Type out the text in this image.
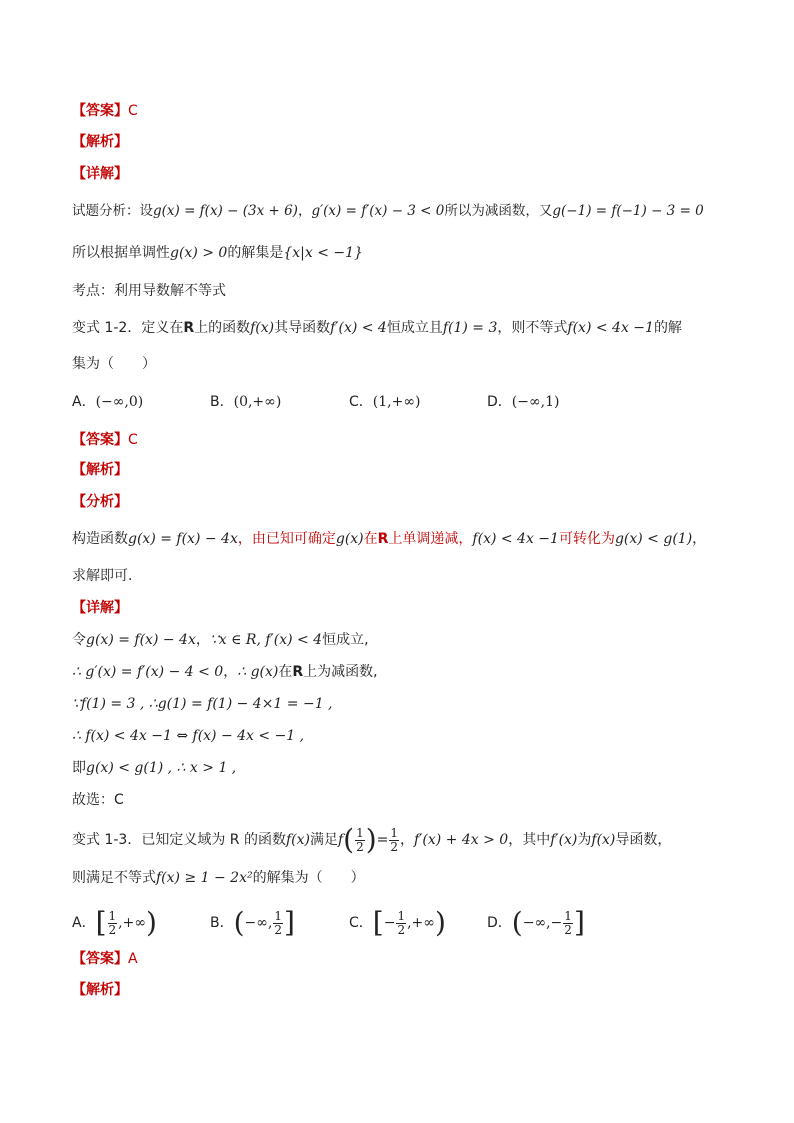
【答案】C
【解析】
【详解】
试题分析：设g(x) = f(x) − (3x + 6)，g′(x) = f′(x) − 3 < 0所以为减函数，又g(−1) = f(−1) − 3 = 0
所以根据单调性g(x) > 0的解集是{x|x < −1}
考点：利用导数解不等式
变式 1-2．定义在R上的函数f(x)其导函数f′(x) < 4恒成立且f(1) = 3，则不等式f(x) < 4x −1的解
集为（　　）
A．(−∞,0)	B．(0,+∞)	C．(1,+∞)	D．(−∞,1)
【答案】C
【解析】
【分析】
构造函数g(x) = f(x) − 4x，由已知可确定g(x)在R上单调递减，f(x) < 4x −1可转化为g(x) < g(1)，
求解即可.
【详解】
令g(x) = f(x) − 4x，∵x ∈ R, f′(x) < 4恒成立,
∴ g′(x) = f′(x) − 4 < 0，∴ g(x)在R上为减函数,
∵f(1) = 3 , ∴g(1) = f(1) − 4×1 = −1 ,
∴ f(x) < 4x −1 ⇔ f(x) − 4x < −1 ,
即g(x) < g(1) , ∴ x > 1 ,
故选：C
变式 1-3．已知定义域为 R 的函数f(x)满足$f( \frac{1}{2}$ )= $\frac{1}{2}$ ，f′(x) + 4x > 0，其中f′(x)为f(x)导函数，
则满足不等式f(x) ≥ 1 − 2x²的解集为（　　）
A．[ $\frac{1}{2}$ ,+∞)	B．(−∞, $\frac{1}{2}$ ]	C．[− $\frac{1}{2}$ ,+∞)	D．(−∞,− $\frac{1}{2}$ ]
【答案】A
【解析】
